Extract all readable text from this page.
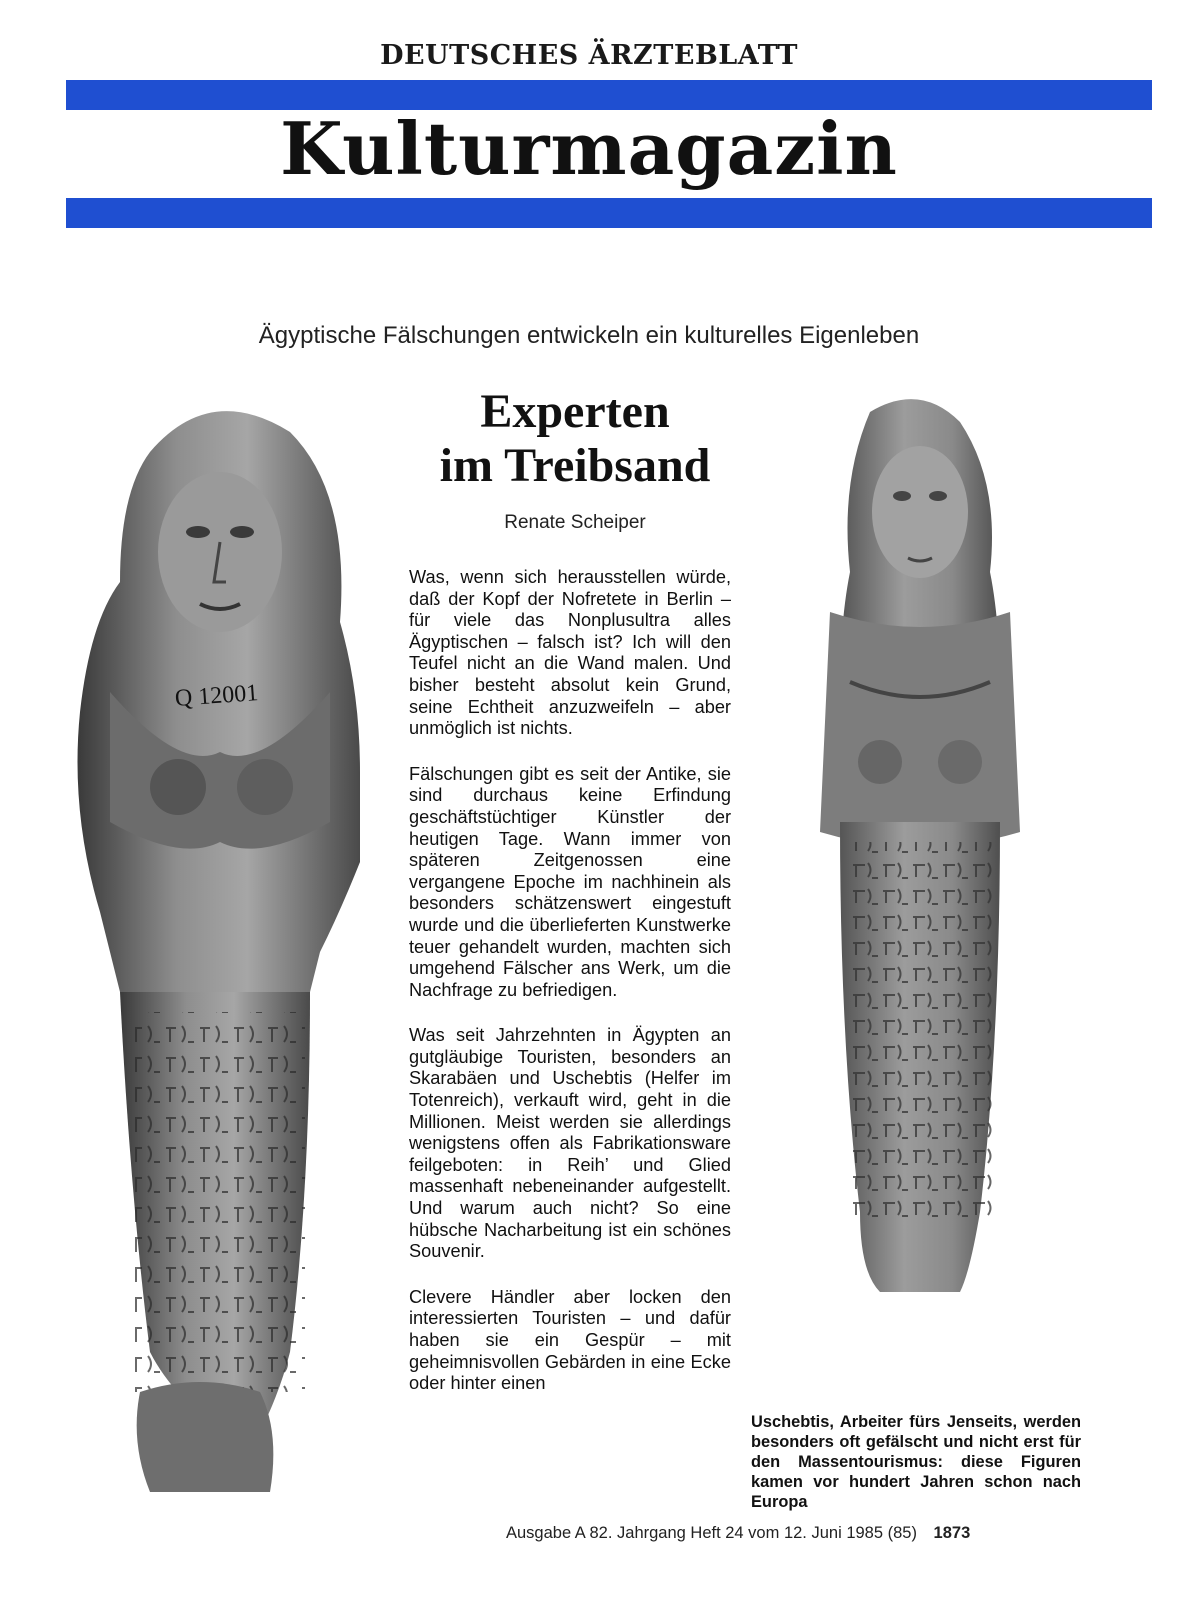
DEUTSCHES ÄRZTEBLATT
Kulturmagazin
Ägyptische Fälschungen entwickeln ein kulturelles Eigenleben
Q 12001
Experten
im Treibsand
Renate Scheiper

Was, wenn sich herausstellen würde, daß der Kopf der Nofretete in Berlin – für viele das Nonplusultra alles Ägyptischen – falsch ist? Ich will den Teufel nicht an die Wand malen. Und bisher besteht absolut kein Grund, seine Echtheit anzuzweifeln – aber unmöglich ist nichts.

Fälschungen gibt es seit der Antike, sie sind durchaus keine Erfindung geschäftstüchtiger Künstler der heutigen Tage. Wann immer von späteren Zeitgenossen eine vergangene Epoche im nachhinein als besonders schätzenswert eingestuft wurde und die überlieferten Kunstwerke teuer gehandelt wurden, machten sich umgehend Fälscher ans Werk, um die Nachfrage zu befriedigen.

Was seit Jahrzehnten in Ägypten an gutgläubige Touristen, besonders an Skarabäen und Uschebtis (Helfer im Totenreich), verkauft wird, geht in die Millionen. Meist werden sie allerdings wenigstens offen als Fabrikationsware feilgeboten: in Reih’ und Glied massenhaft nebeneinander aufgestellt. Und warum auch nicht? So eine hübsche Nacharbeitung ist ein schönes Souvenir.

Clevere Händler aber locken den interessierten Touristen – und dafür haben sie ein Gespür – mit geheimnisvollen Gebärden in eine Ecke oder hinter einen

Uschebtis, Arbeiter fürs Jenseits, werden besonders oft gefälscht und nicht erst für den Massentourismus: diese Figuren kamen vor hundert Jahren schon nach Europa
Ausgabe A 82. Jahrgang Heft 24 vom 12. Juni 1985 (85) 1873
